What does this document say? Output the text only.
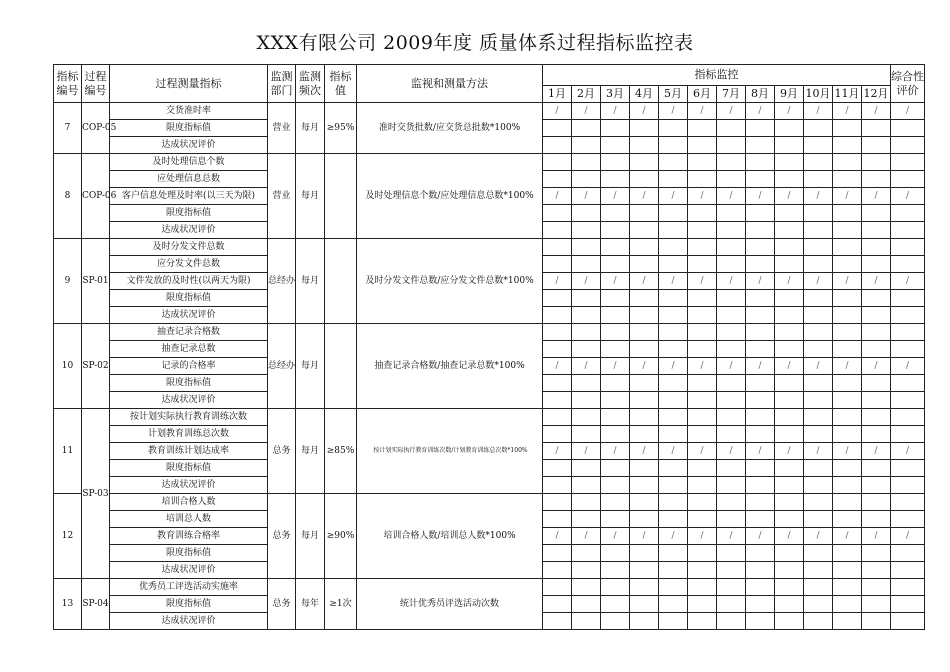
XXX有限公司 2009年度 质量体系过程指标监控表
指标编号	过程编号	过程测量指标	监测部门	监测频次	指标值	监视和测量方法	指标监控												综合性评价
							1月	2月	3月	4月	5月	6月	7月	8月	9月	10月	11月	12月	
7	COP-05	交货准时率	营业	每月	≥95%	准时交货批数/应交货总批数*100%	/	/	/	/	/	/	/	/	/	/	/	/	/
		限度指标值																	
		达成状况评价																	
8	COP-06	及时处理信息个数	营业	每月		及时处理信息个数/应处理信息总数*100%													
		应处理信息总数																	
		客户信息处理及时率(以三天为限)					/	/	/	/	/	/	/	/	/	/	/	/	/
		限度指标值																	
		达成状况评价																	
9	SP-01	及时分发文件总数	总经办	每月		及时分发文件总数/应分发文件总数*100%													
		应分发文件总数																	
		文件发放的及时性(以两天为限)					/	/	/	/	/	/	/	/	/	/	/	/	/
		限度指标值																	
		达成状况评价																	
10	SP-02	抽查记录合格数	总经办	每月		抽查记录合格数/抽查记录总数*100%													
		抽查记录总数																	
		记录的合格率					/	/	/	/	/	/	/	/	/	/	/	/	/
		限度指标值																	
		达成状况评价																	
11	SP-03	按计划实际执行教育训练次数	总务	每月	≥85%	按计划实际执行教育训练次数/计划教育训练总次数*100%													
		计划教育训练总次数																	
		教育训练计划达成率					/	/	/	/	/	/	/	/	/	/	/	/	/
		限度指标值																	
		达成状况评价																	
12		培训合格人数	总务	每月	≥90%	培训合格人数/培训总人数*100%													
		培训总人数																	
		教育训练合格率					/	/	/	/	/	/	/	/	/	/	/	/	/
		限度指标值																	
		达成状况评价																	
13	SP-04	优秀员工评选活动实施率	总务	每年	≥1次	统计优秀员评选活动次数													
		限度指标值																	
		达成状况评价																	
